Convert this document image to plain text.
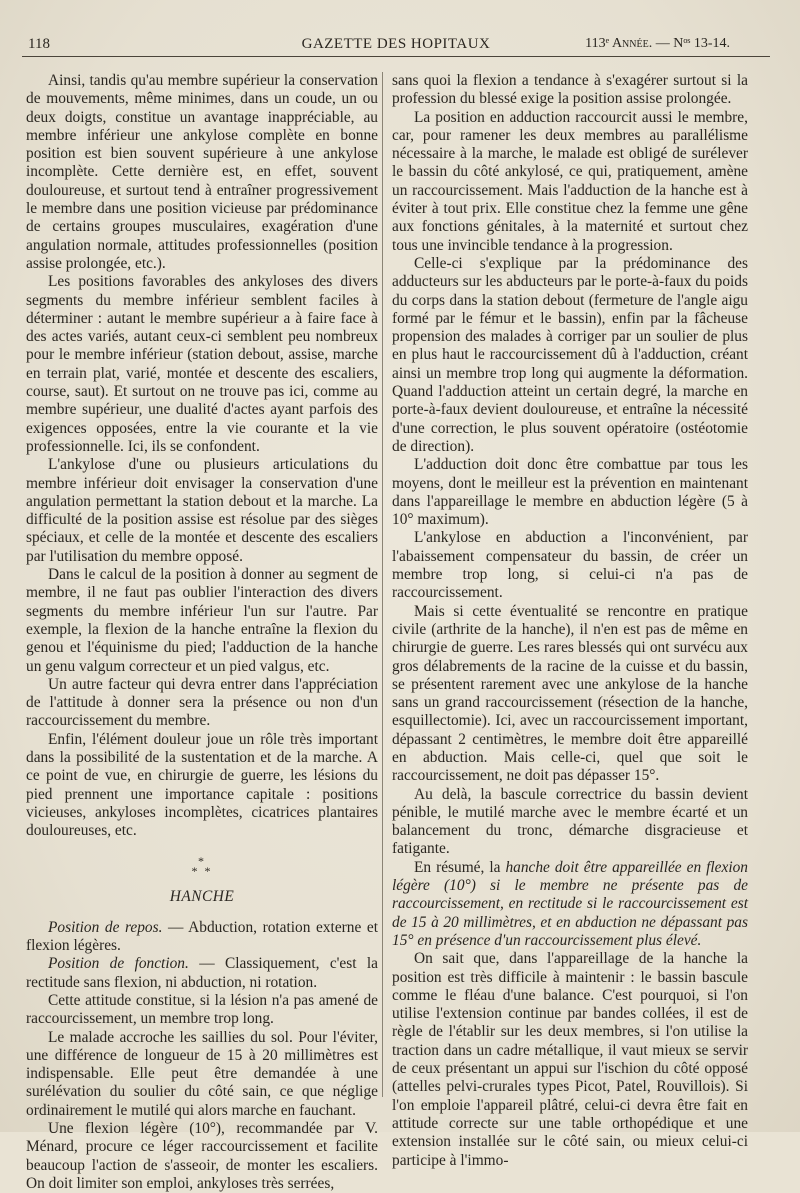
118	GAZETTE DES HOPITAUX	113ᵉ Année. — Nᵒˢ 13-14.

Ainsi, tandis qu'au membre supérieur la conservation de mouvements, même minimes, dans un coude, un ou deux doigts, constitue un avantage inappréciable, au membre inférieur une ankylose complète en bonne position est bien souvent supérieure à une ankylose incomplète. Cette dernière est, en effet, souvent douloureuse, et surtout tend à entraîner progressivement le membre dans une position vicieuse par prédominance de certains groupes musculaires, exagération d'une angulation normale, attitudes professionnelles (position assise prolongée, etc.).

Les positions favorables des ankyloses des divers segments du membre inférieur semblent faciles à déterminer : autant le membre supérieur a à faire face à des actes variés, autant ceux-ci semblent peu nombreux pour le membre inférieur (station debout, assise, marche en terrain plat, varié, montée et descente des escaliers, course, saut). Et surtout on ne trouve pas ici, comme au membre supérieur, une dualité d'actes ayant parfois des exigences opposées, entre la vie courante et la vie professionnelle. Ici, ils se confondent.

L'ankylose d'une ou plusieurs articulations du membre inférieur doit envisager la conservation d'une angulation permettant la station debout et la marche. La difficulté de la position assise est résolue par des sièges spéciaux, et celle de la montée et descente des escaliers par l'utilisation du membre opposé.

Dans le calcul de la position à donner au segment de membre, il ne faut pas oublier l'interaction des divers segments du membre inférieur l'un sur l'autre. Par exemple, la flexion de la hanche entraîne la flexion du genou et l'équinisme du pied; l'adduction de la hanche un genu valgum correcteur et un pied valgus, etc.

Un autre facteur qui devra entrer dans l'appréciation de l'attitude à donner sera la présence ou non d'un raccourcissement du membre.

Enfin, l'élément douleur joue un rôle très important dans la possibilité de la sustentation et de la marche. A ce point de vue, en chirurgie de guerre, les lésions du pied prennent une importance capitale : positions vicieuses, ankyloses incomplètes, cicatrices plantaires douloureuses, etc.

*
* *
HANCHE

Position de repos. — Abduction, rotation externe et flexion légères.

Position de fonction. — Classiquement, c'est la rectitude sans flexion, ni abduction, ni rotation.

Cette attitude constitue, si la lésion n'a pas amené de raccourcissement, un membre trop long.

Le malade accroche les saillies du sol. Pour l'éviter, une différence de longueur de 15 à 20 millimètres est indispensable. Elle peut être demandée à une surélévation du soulier du côté sain, ce que néglige ordinairement le mutilé qui alors marche en fauchant.

Une flexion légère (10°), recommandée par V. Ménard, procure ce léger raccourcissement et facilite beaucoup l'action de s'asseoir, de monter les escaliers. On doit limiter son emploi, ankyloses très serrées,

sans quoi la flexion a tendance à s'exagérer surtout si la profession du blessé exige la position assise prolongée.

La position en adduction raccourcit aussi le membre, car, pour ramener les deux membres au parallélisme nécessaire à la marche, le malade est obligé de surélever le bassin du côté ankylosé, ce qui, pratiquement, amène un raccourcissement. Mais l'adduction de la hanche est à éviter à tout prix. Elle constitue chez la femme une gêne aux fonctions génitales, à la maternité et surtout chez tous une invincible tendance à la progression.

Celle-ci s'explique par la prédominance des adducteurs sur les abducteurs par le porte-à-faux du poids du corps dans la station debout (fermeture de l'angle aigu formé par le fémur et le bassin), enfin par la fâcheuse propension des malades à corriger par un soulier de plus en plus haut le raccourcissement dû à l'adduction, créant ainsi un membre trop long qui augmente la déformation. Quand l'adduction atteint un certain degré, la marche en porte-à-faux devient douloureuse, et entraîne la nécessité d'une correction, le plus souvent opératoire (ostéotomie de direction).

L'adduction doit donc être combattue par tous les moyens, dont le meilleur est la prévention en maintenant dans l'appareillage le membre en abduction légère (5 à 10° maximum).

L'ankylose en abduction a l'inconvénient, par l'abaissement compensateur du bassin, de créer un membre trop long, si celui-ci n'a pas de raccourcissement.

Mais si cette éventualité se rencontre en pratique civile (arthrite de la hanche), il n'en est pas de même en chirurgie de guerre. Les rares blessés qui ont survécu aux gros délabrements de la racine de la cuisse et du bassin, se présentent rarement avec une ankylose de la hanche sans un grand raccourcissement (résection de la hanche, esquillectomie). Ici, avec un raccourcissement important, dépassant 2 centimètres, le membre doit être appareillé en abduction. Mais celle-ci, quel que soit le raccourcissement, ne doit pas dépasser 15°.

Au delà, la bascule correctrice du bassin devient pénible, le mutilé marche avec le membre écarté et un balancement du tronc, démarche disgracieuse et fatigante.

En résumé, la hanche doit être appareillée en flexion légère (10°) si le membre ne présente pas de raccourcissement, en rectitude si le raccourcissement est de 15 à 20 millimètres, et en abduction ne dépassant pas 15° en présence d'un raccourcissement plus élevé.

On sait que, dans l'appareillage de la hanche la position est très difficile à maintenir : le bassin bascule comme le fléau d'une balance. C'est pourquoi, si l'on utilise l'extension continue par bandes collées, il est de règle de l'établir sur les deux membres, si l'on utilise la traction dans un cadre métallique, il vaut mieux se servir de ceux présentant un appui sur l'ischion du côté opposé (attelles pelvi-crurales types Picot, Patel, Rouvillois). Si l'on emploie l'appareil plâtré, celui-ci devra être fait en attitude correcte sur une table orthopédique et une extension installée sur le côté sain, ou mieux celui-ci participe à l'immo-
